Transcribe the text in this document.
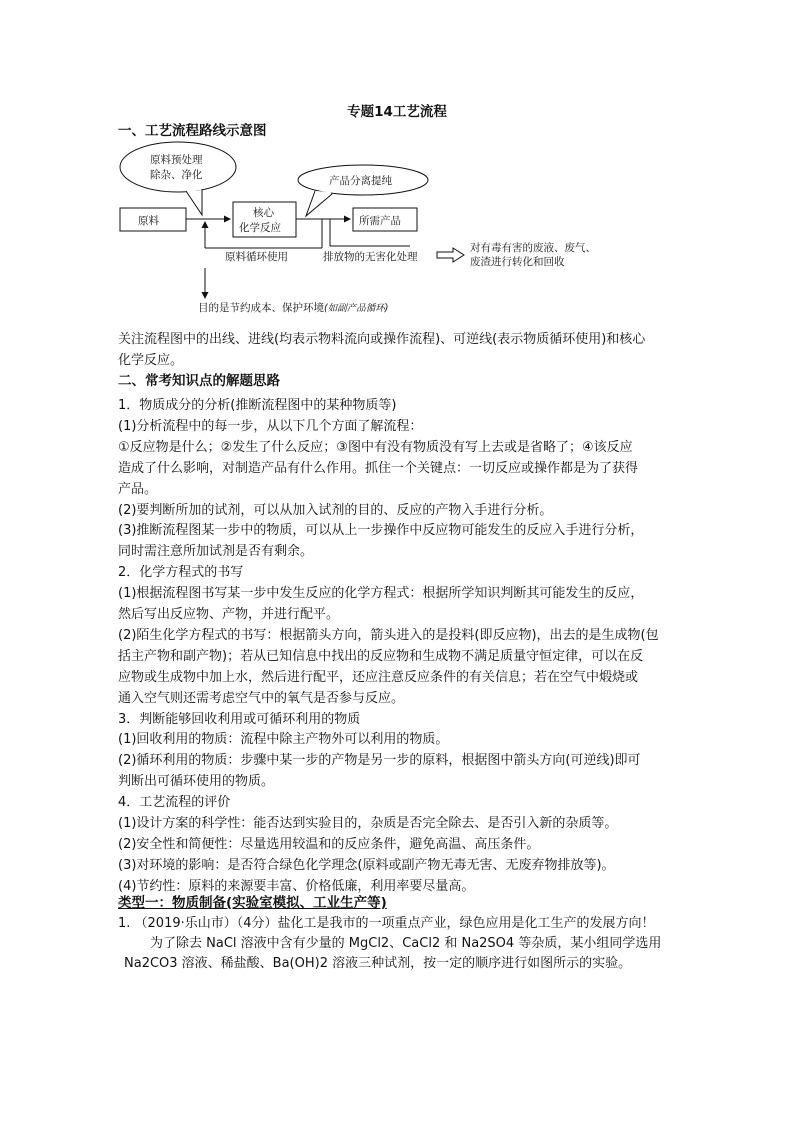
专题14工艺流程
一、工艺流程路线示意图
原料预处理
除杂、净化	产品分离提纯
原料
核心
化学反应
所需产品
原料循环使用	排放物的无害化处理
对有毒有害的废液、废气、
废渣进行转化和回收
目的是节约成本、保护环境(如副产品循环)
关注流程图中的出线、进线(均表示物料流向或操作流程)、可逆线(表示物质循环使用)和核心
化学反应。
二、常考知识点的解题思路
1．物质成分的分析(推断流程图中的某种物质等)
(1)分析流程中的每一步，从以下几个方面了解流程：
①反应物是什么；②发生了什么反应；③图中有没有物质没有写上去或是省略了；④该反应
造成了什么影响，对制造产品有什么作用。抓住一个关键点：一切反应或操作都是为了获得
产品。
(2)要判断所加的试剂，可以从加入试剂的目的、反应的产物入手进行分析。
(3)推断流程图某一步中的物质，可以从上一步操作中反应物可能发生的反应入手进行分析，
同时需注意所加试剂是否有剩余。
2．化学方程式的书写
(1)根据流程图书写某一步中发生反应的化学方程式：根据所学知识判断其可能发生的反应，
然后写出反应物、产物，并进行配平。
(2)陌生化学方程式的书写：根据箭头方向，箭头进入的是投料(即反应物)，出去的是生成物(包
括主产物和副产物)；若从已知信息中找出的反应物和生成物不满足质量守恒定律，可以在反
应物或生成物中加上水，然后进行配平，还应注意反应条件的有关信息；若在空气中煅烧或
通入空气则还需考虑空气中的氧气是否参与反应。
3．判断能够回收利用或可循环利用的物质
(1)回收利用的物质：流程中除主产物外可以利用的物质。
(2)循环利用的物质：步骤中某一步的产物是另一步的原料，根据图中箭头方向(可逆线)即可
判断出可循环使用的物质。
4．工艺流程的评价
(1)设计方案的科学性：能否达到实验目的，杂质是否完全除去、是否引入新的杂质等。
(2)安全性和简便性：尽量选用较温和的反应条件，避免高温、高压条件。
(3)对环境的影响：是否符合绿色化学理念(原料或副产物无毒无害、无废弃物排放等)。
(4)节约性：原料的来源要丰富、价格低廉，利用率要尽量高。
类型一：物质制备(实验室模拟、工业生产等)
1. （2019·乐山市）（4分）盐化工是我市的一项重点产业，绿色应用是化工生产的发展方向！
为了除去 NaCl 溶液中含有少量的 MgCl2、CaCl2 和 Na2SO4 等杂质，某小组同学选用
Na2CO3 溶液、稀盐酸、Ba(OH)2 溶液三种试剂，按一定的顺序进行如图所示的实验。
